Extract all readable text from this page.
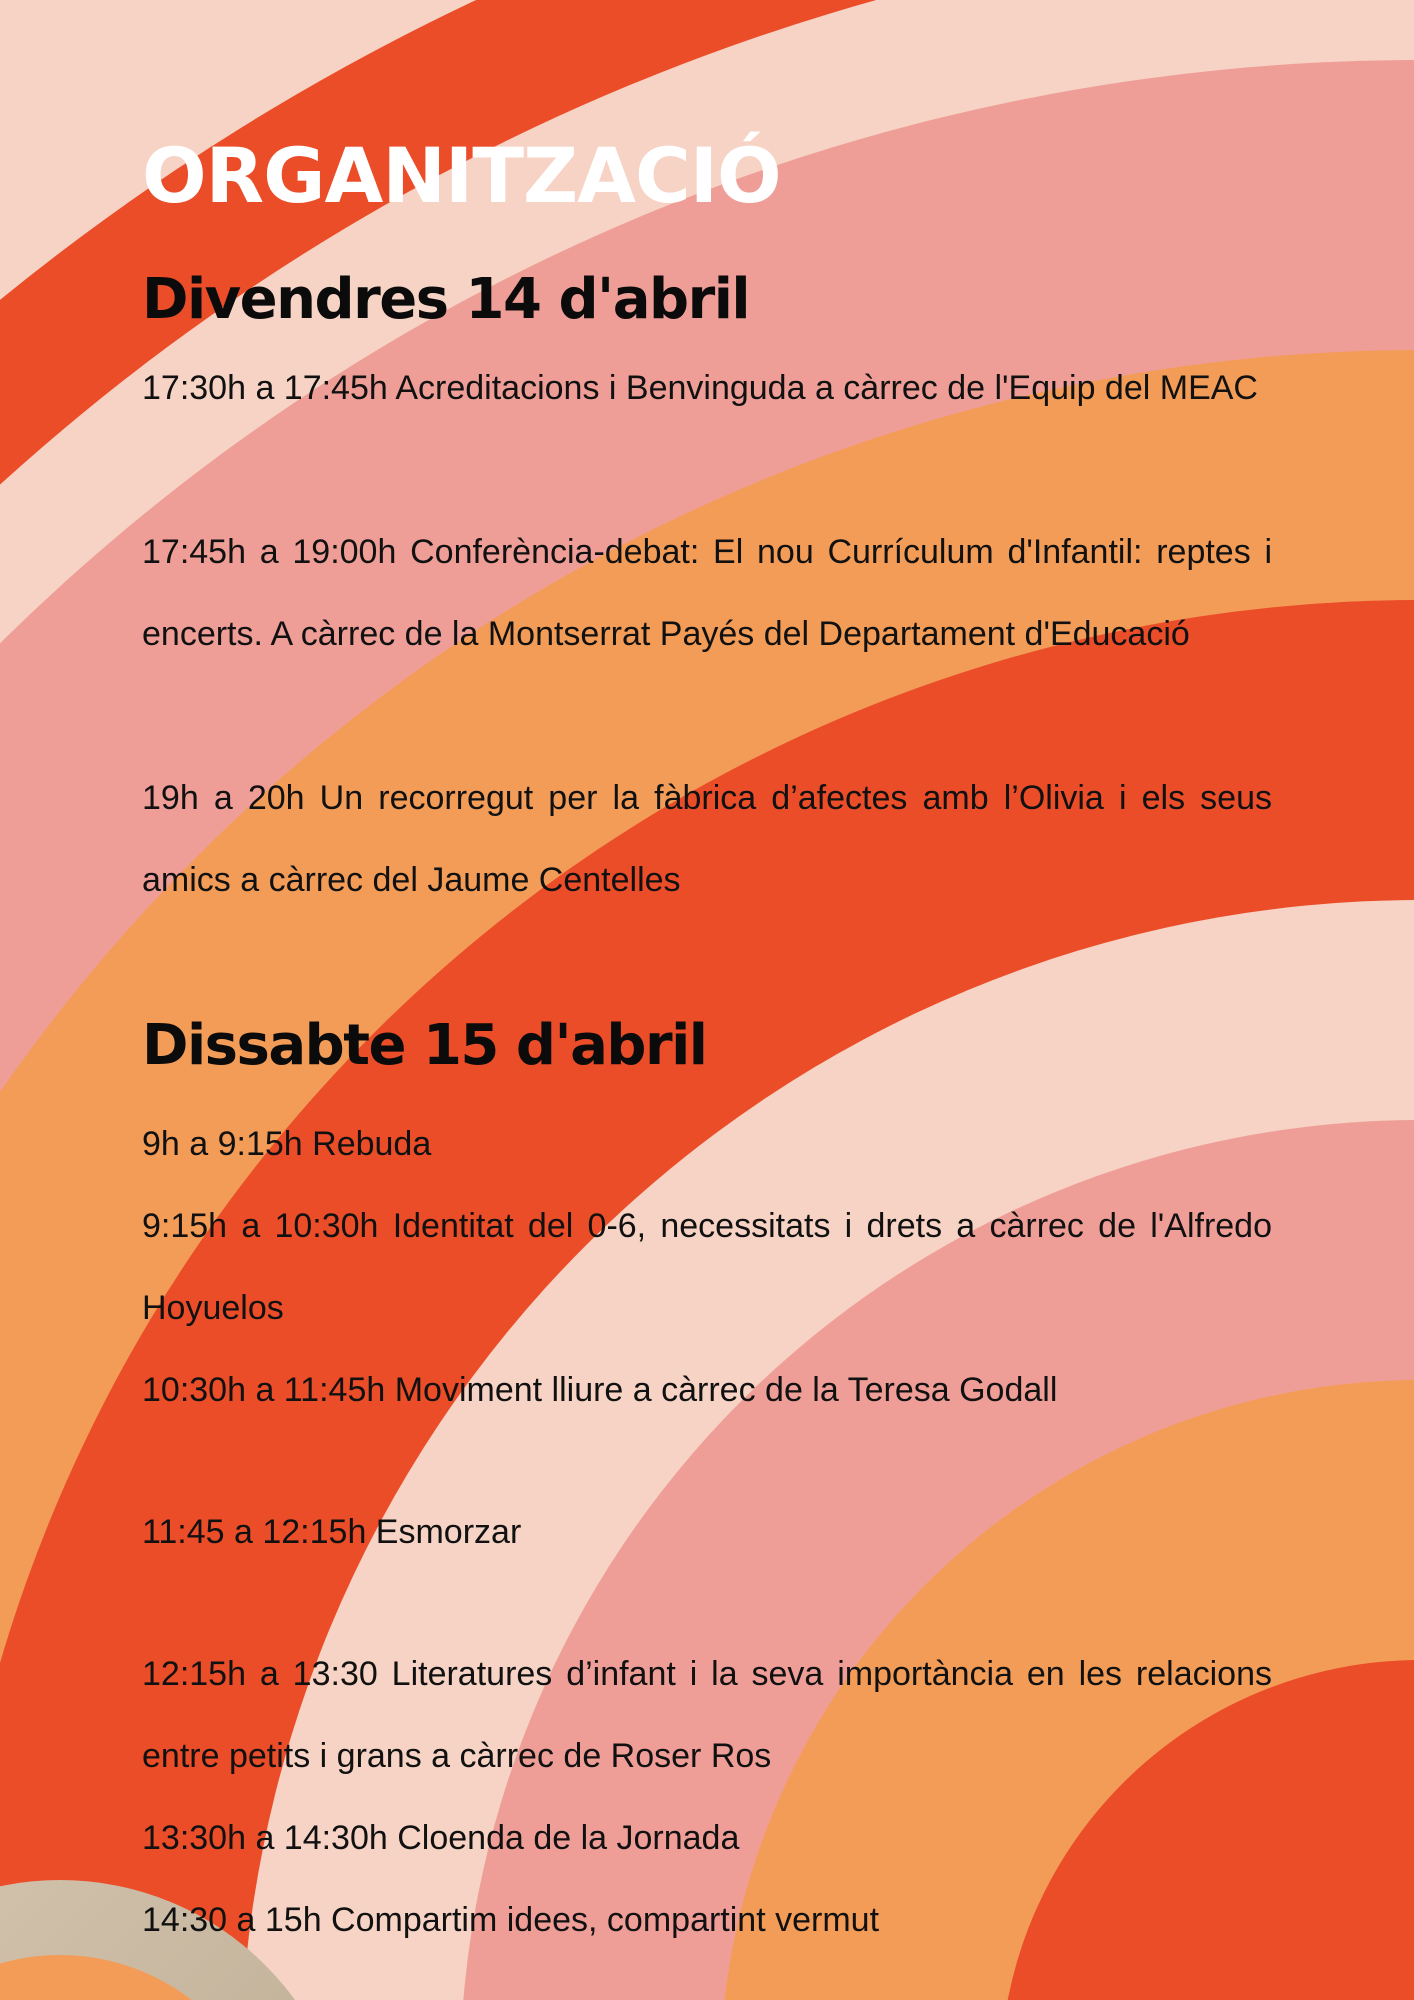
ORGANITZACIÓ
Divendres 14 d'abril

17:30h a 17:45h Acreditacions i Benvinguda a càrrec de l'Equip del MEAC

17:45h a 19:00h Conferència-debat: El nou Currículum d'Infantil: reptes i encerts. A càrrec de la Montserrat Payés del Departament d'Educació

19h a 20h Un recorregut per la fàbrica d’afectes amb l’Olivia i els seus amics a càrrec del Jaume Centelles

Dissabte 15 d'abril

9h a 9:15h Rebuda

9:15h a 10:30h Identitat del 0-6, necessitats i drets a càrrec de l'Alfredo Hoyuelos

10:30h a 11:45h Moviment lliure a càrrec de la Teresa Godall

11:45 a 12:15h Esmorzar

12:15h a 13:30 Literatures d’infant i la seva importància en les relacions entre petits i grans a càrrec de Roser Ros

13:30h a 14:30h Cloenda de la Jornada

14:30 a 15h Compartim idees, compartint vermut
